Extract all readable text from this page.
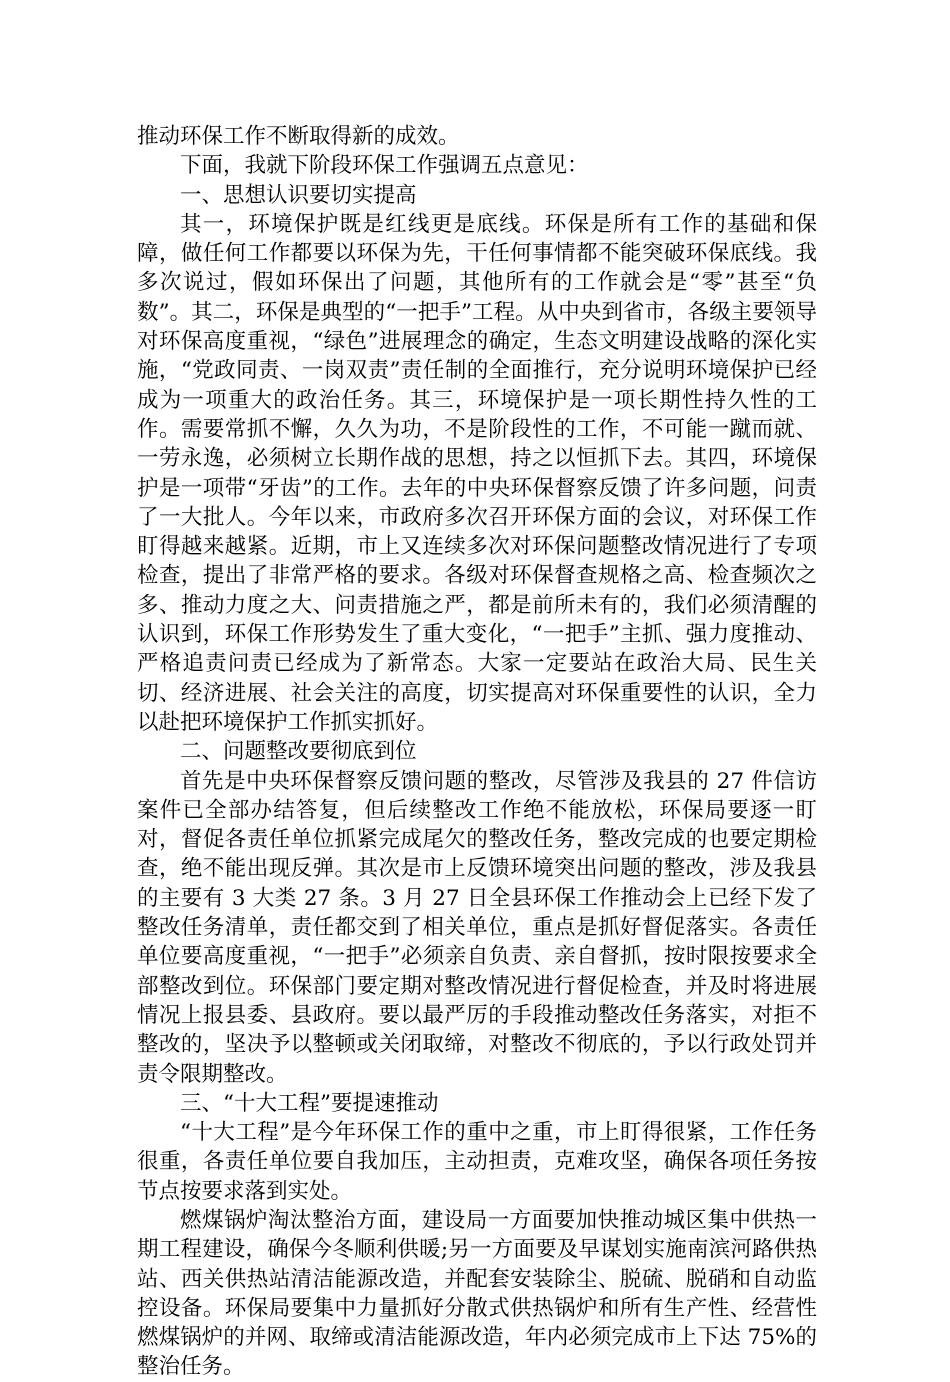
推动环保工作不断取得新的成效。

下面，我就下阶段环保工作强调五点意见：

一、思想认识要切实提高

其一，环境保护既是红线更是底线。环保是所有工作的基础和保障，做任何工作都要以环保为先，干任何事情都不能突破环保底线。我多次说过，假如环保出了问题，其他所有的工作就会是“零”甚至“负数”。其二，环保是典型的“一把手”工程。从中央到省市，各级主要领导对环保高度重视，“绿色”进展理念的确定，生态文明建设战略的深化实施，“党政同责、一岗双责”责任制的全面推行，充分说明环境保护已经成为一项重大的政治任务。其三，环境保护是一项长期性持久性的工作。需要常抓不懈，久久为功，不是阶段性的工作，不可能一蹴而就、一劳永逸，必须树立长期作战的思想，持之以恒抓下去。其四，环境保护是一项带“牙齿”的工作。去年的中央环保督察反馈了许多问题，问责了一大批人。今年以来，市政府多次召开环保方面的会议，对环保工作盯得越来越紧。近期，市上又连续多次对环保问题整改情况进行了专项检查，提出了非常严格的要求。各级对环保督查规格之高、检查频次之多、推动力度之大、问责措施之严，都是前所未有的，我们必须清醒的认识到，环保工作形势发生了重大变化，“一把手”主抓、强力度推动、严格追责问责已经成为了新常态。大家一定要站在政治大局、民生关切、经济进展、社会关注的高度，切实提高对环保重要性的认识，全力以赴把环境保护工作抓实抓好。

二、问题整改要彻底到位

首先是中央环保督察反馈问题的整改，尽管涉及我县的 27 件信访案件已全部办结答复，但后续整改工作绝不能放松，环保局要逐一盯对，督促各责任单位抓紧完成尾欠的整改任务，整改完成的也要定期检查，绝不能出现反弹。其次是市上反馈环境突出问题的整改，涉及我县的主要有 3 大类 27 条。3 月 27 日全县环保工作推动会上已经下发了整改任务清单，责任都交到了相关单位，重点是抓好督促落实。各责任单位要高度重视，“一把手”必须亲自负责、亲自督抓，按时限按要求全部整改到位。环保部门要定期对整改情况进行督促检查，并及时将进展情况上报县委、县政府。要以最严厉的手段推动整改任务落实，对拒不整改的，坚决予以整顿或关闭取缔，对整改不彻底的，予以行政处罚并责令限期整改。

三、“十大工程”要提速推动

“十大工程”是今年环保工作的重中之重，市上盯得很紧，工作任务很重，各责任单位要自我加压，主动担责，克难攻坚，确保各项任务按节点按要求落到实处。

燃煤锅炉淘汰整治方面，建设局一方面要加快推动城区集中供热一期工程建设，确保今冬顺利供暖;另一方面要及早谋划实施南滨河路供热站、西关供热站清洁能源改造，并配套安装除尘、脱硫、脱硝和自动监控设备。环保局要集中力量抓好分散式供热锅炉和所有生产性、经营性燃煤锅炉的并网、取缔或清洁能源改造，年内必须完成市上下达 75%的整治任务。
